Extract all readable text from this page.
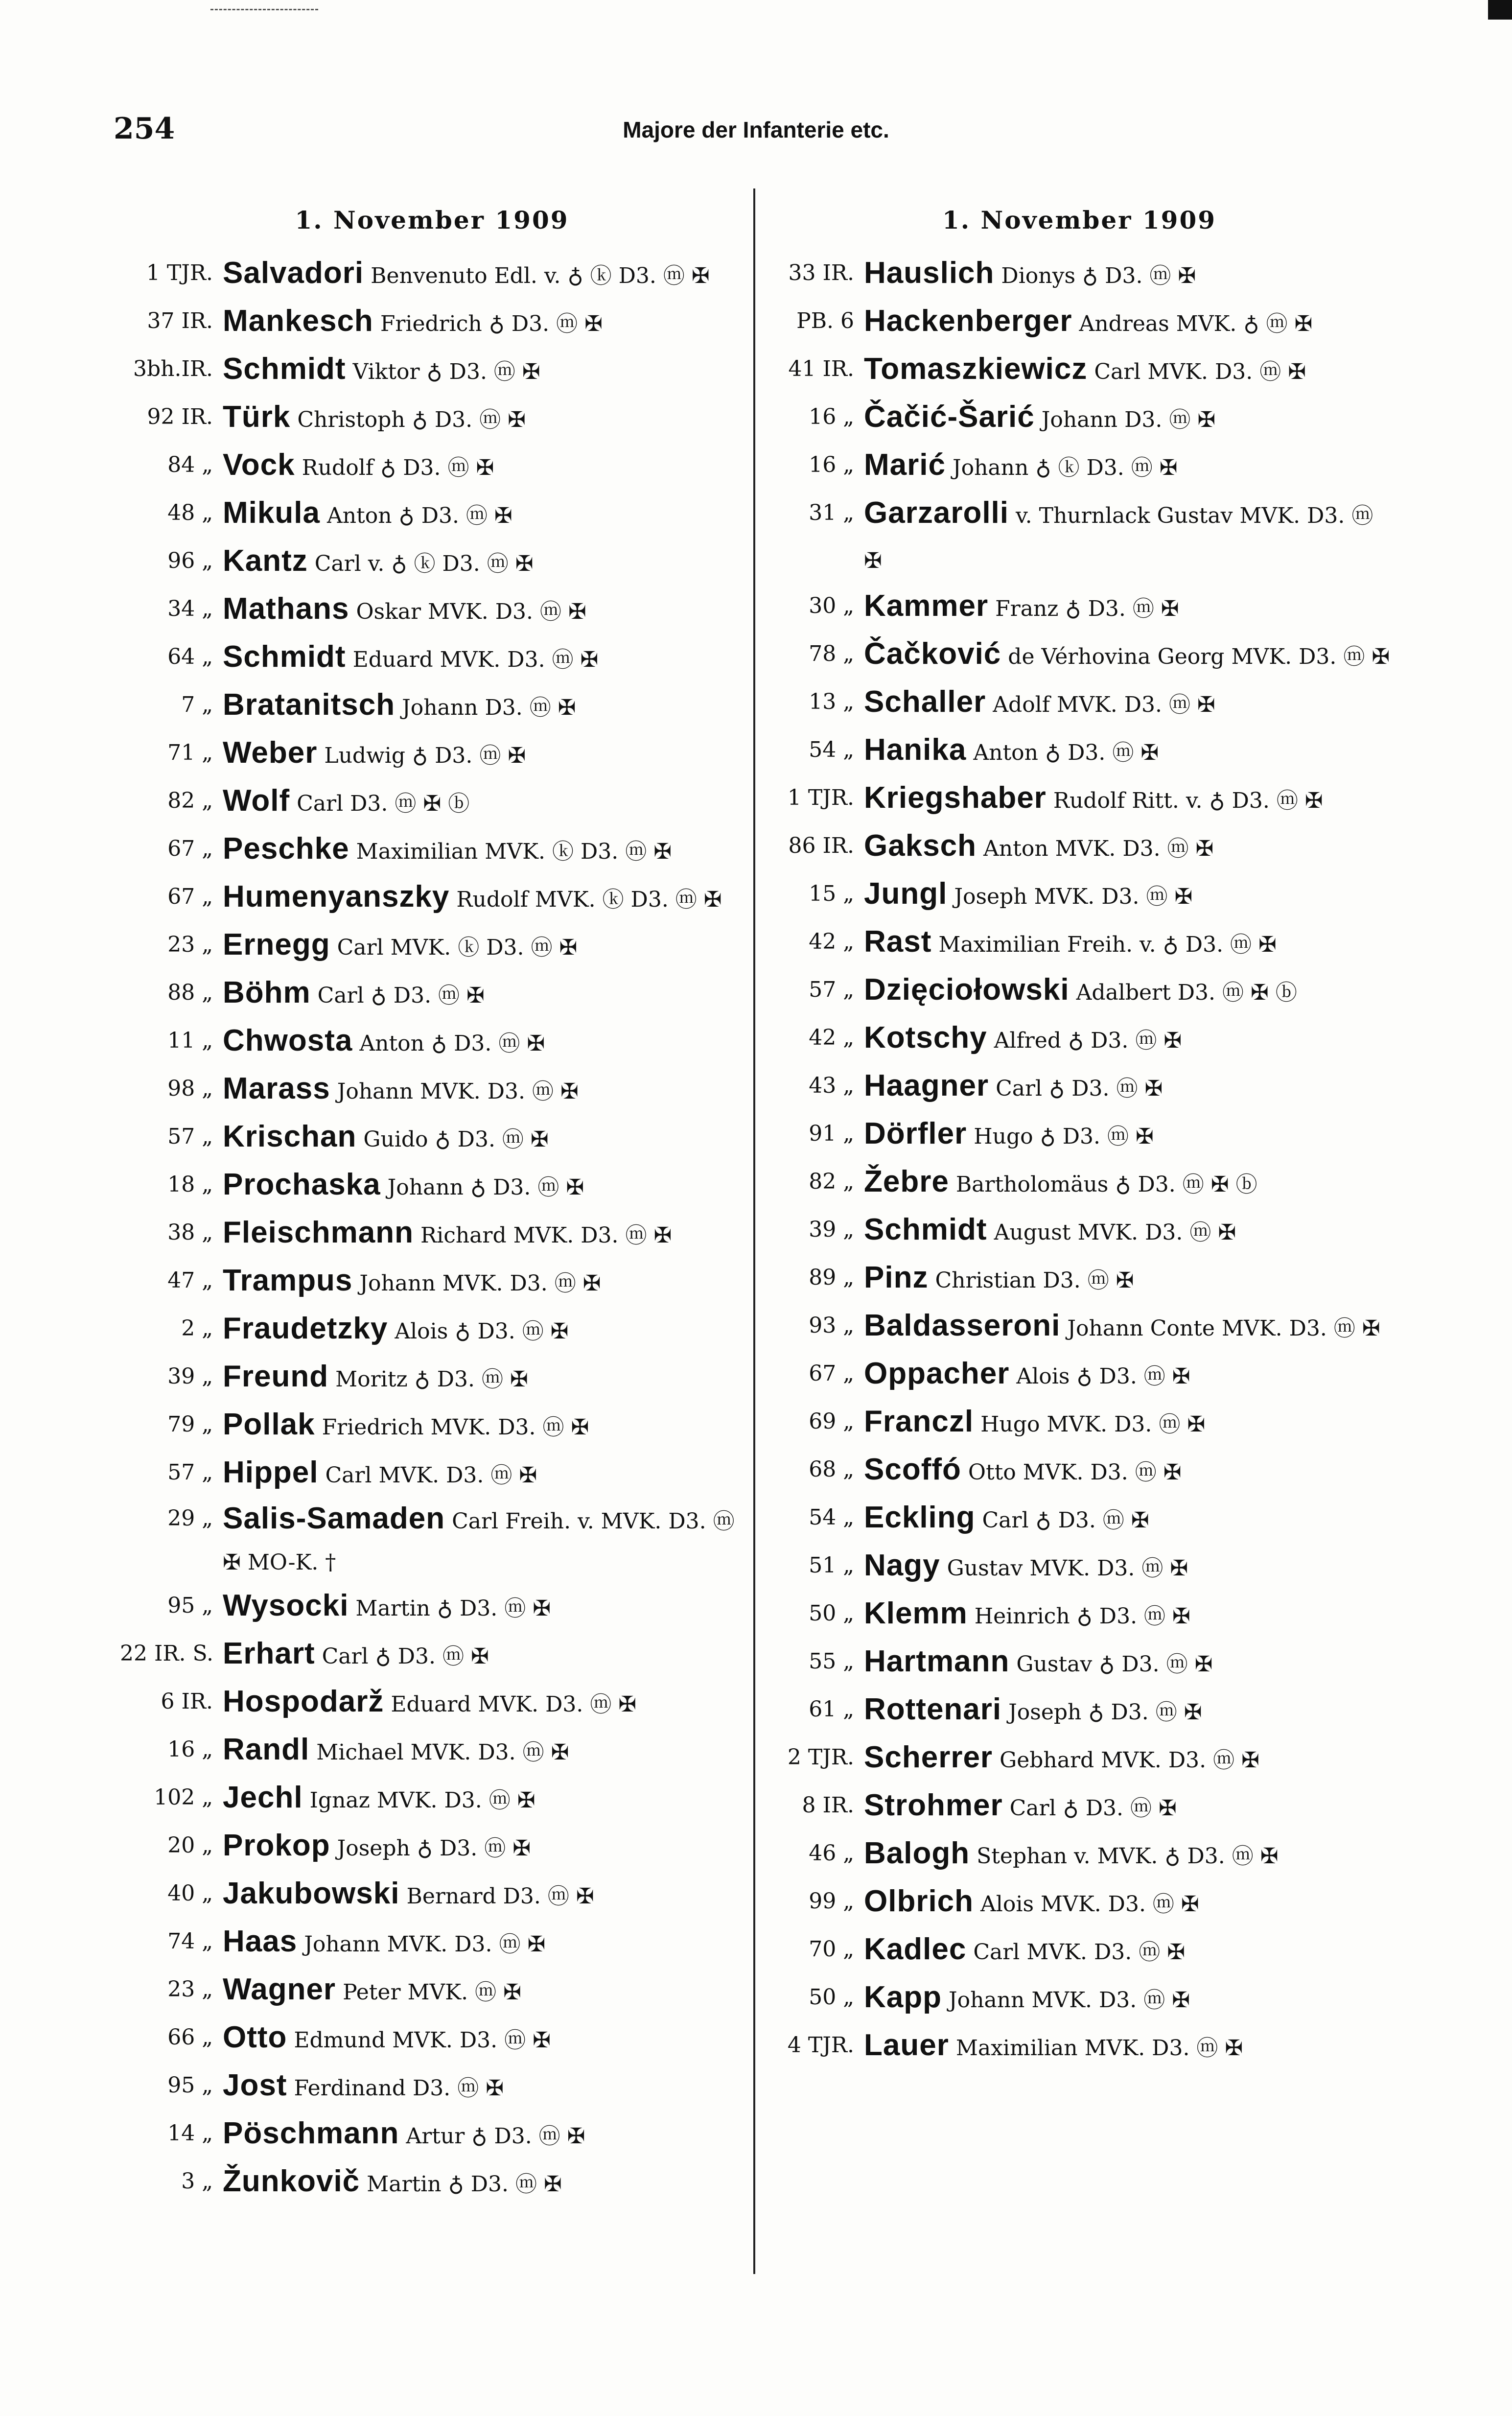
254	Majore der Infanterie etc.
1. November 1909
1 TJR. Salvadori Benvenuto Edl. v. ♁ ⓚ D3. ⓜ ✠
37 IR. Mankesch Friedrich ♁ D3. ⓜ ✠
3bh.IR. Schmidt Viktor ♁ D3. ⓜ ✠
92 IR. Türk Christoph ♁ D3. ⓜ ✠
84 „ Vock Rudolf ♁ D3. ⓜ ✠
48 „ Mikula Anton ♁ D3. ⓜ ✠
96 „ Kantz Carl v. ♁ ⓚ D3. ⓜ ✠
34 „ Mathans Oskar MVK. D3. ⓜ ✠
64 „ Schmidt Eduard MVK. D3. ⓜ ✠
7 „ Bratanitsch Johann D3. ⓜ ✠
71 „ Weber Ludwig ♁ D3. ⓜ ✠
82 „ Wolf Carl D3. ⓜ ✠ ⓑ
67 „ Peschke Maximilian MVK. ⓚ D3. ⓜ ✠
67 „ Humenyanszky Rudolf MVK. ⓚ D3. ⓜ ✠
23 „ Ernegg Carl MVK. ⓚ D3. ⓜ ✠
88 „ Böhm Carl ♁ D3. ⓜ ✠
11 „ Chwosta Anton ♁ D3. ⓜ ✠
98 „ Marass Johann MVK. D3. ⓜ ✠
57 „ Krischan Guido ♁ D3. ⓜ ✠
18 „ Prochaska Johann ♁ D3. ⓜ ✠
38 „ Fleischmann Richard MVK. D3. ⓜ ✠
47 „ Trampus Johann MVK. D3. ⓜ ✠
2 „ Fraudetzky Alois ♁ D3. ⓜ ✠
39 „ Freund Moritz ♁ D3. ⓜ ✠
79 „ Pollak Friedrich MVK. D3. ⓜ ✠
57 „ Hippel Carl MVK. D3. ⓜ ✠
29 „ Salis-Samaden Carl Freih. v. MVK. D3. ⓜ ✠ MO-K. †
95 „ Wysocki Martin ♁ D3. ⓜ ✠
22 IR. S. Erhart Carl ♁ D3. ⓜ ✠
6 IR. Hospodarž Eduard MVK. D3. ⓜ ✠
16 „ Randl Michael MVK. D3. ⓜ ✠
102 „ Jechl Ignaz MVK. D3. ⓜ ✠
20 „ Prokop Joseph ♁ D3. ⓜ ✠
40 „ Jakubowski Bernard D3. ⓜ ✠
74 „ Haas Johann MVK. D3. ⓜ ✠
23 „ Wagner Peter MVK. ⓜ ✠
66 „ Otto Edmund MVK. D3. ⓜ ✠
95 „ Jost Ferdinand D3. ⓜ ✠
14 „ Pöschmann Artur ♁ D3. ⓜ ✠
3 „ Žunkovič Martin ♁ D3. ⓜ ✠
1. November 1909
33 IR. Hauslich Dionys ♁ D3. ⓜ ✠
PB. 6 Hackenberger Andreas MVK. ♁ ⓜ ✠
41 IR. Tomaszkiewicz Carl MVK. D3. ⓜ ✠
16 „ Čačić-Šarić Johann D3. ⓜ ✠
16 „ Marić Johann ♁ ⓚ D3. ⓜ ✠
31 „ Garzarolli v. Thurnlack Gustav MVK. D3. ⓜ ✠
30 „ Kammer Franz ♁ D3. ⓜ ✠
78 „ Čačković de Vérhovina Georg MVK. D3. ⓜ ✠
13 „ Schaller Adolf MVK. D3. ⓜ ✠
54 „ Hanika Anton ♁ D3. ⓜ ✠
1 TJR. Kriegshaber Rudolf Ritt. v. ♁ D3. ⓜ ✠
86 IR. Gaksch Anton MVK. D3. ⓜ ✠
15 „ Jungl Joseph MVK. D3. ⓜ ✠
42 „ Rast Maximilian Freih. v. ♁ D3. ⓜ ✠
57 „ Dzięciołowski Adalbert D3. ⓜ ✠ ⓑ
42 „ Kotschy Alfred ♁ D3. ⓜ ✠
43 „ Haagner Carl ♁ D3. ⓜ ✠
91 „ Dörfler Hugo ♁ D3. ⓜ ✠
82 „ Žebre Bartholomäus ♁ D3. ⓜ ✠ ⓑ
39 „ Schmidt August MVK. D3. ⓜ ✠
89 „ Pinz Christian D3. ⓜ ✠
93 „ Baldasseroni Johann Conte MVK. D3. ⓜ ✠
67 „ Oppacher Alois ♁ D3. ⓜ ✠
69 „ Franczl Hugo MVK. D3. ⓜ ✠
68 „ Scoffó Otto MVK. D3. ⓜ ✠
54 „ Eckling Carl ♁ D3. ⓜ ✠
51 „ Nagy Gustav MVK. D3. ⓜ ✠
50 „ Klemm Heinrich ♁ D3. ⓜ ✠
55 „ Hartmann Gustav ♁ D3. ⓜ ✠
61 „ Rottenari Joseph ♁ D3. ⓜ ✠
2 TJR. Scherrer Gebhard MVK. D3. ⓜ ✠
8 IR. Strohmer Carl ♁ D3. ⓜ ✠
46 „ Balogh Stephan v. MVK. ♁ D3. ⓜ ✠
99 „ Olbrich Alois MVK. D3. ⓜ ✠
70 „ Kadlec Carl MVK. D3. ⓜ ✠
50 „ Kapp Johann MVK. D3. ⓜ ✠
4 TJR. Lauer Maximilian MVK. D3. ⓜ ✠
